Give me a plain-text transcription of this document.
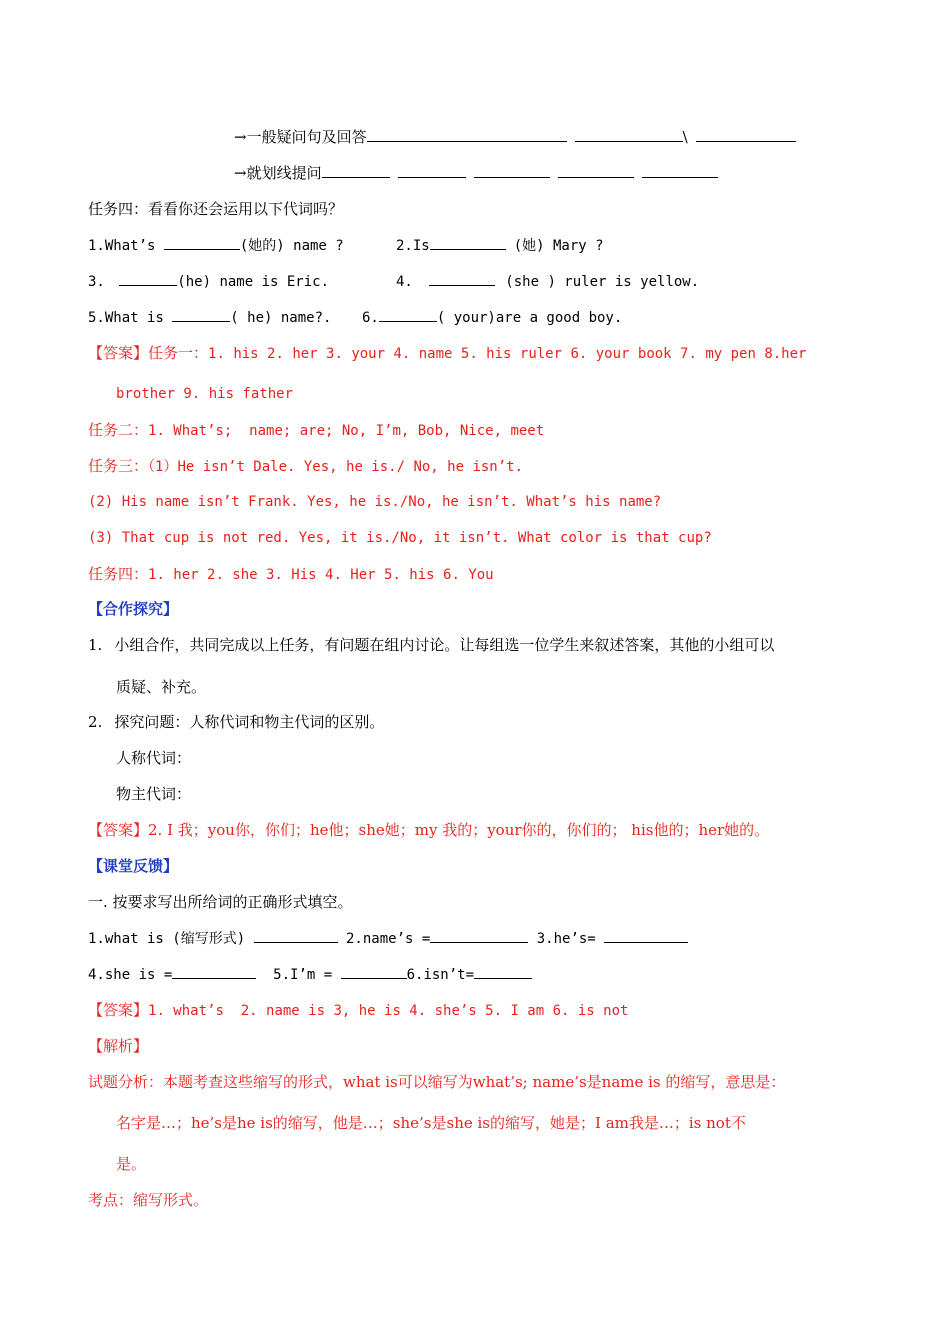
→一般疑问句及回答	\
→就划线提问
任务四：看看你还会运用以下代词吗？
1.What’s	(她的) name ?	2.Is	(她) Mary ?
3.	(he) name is Eric.	4.	(she ) ruler is yellow.
5.What is	( he) name?. 6.	( your)are a good boy.
【答案】任务一：1. his 2. her 3. your 4. name 5. his ruler 6. your book 7. my pen 8.her
brother 9. his father
任务二：1. What’s;  name; are; No, I’m, Bob, Nice, meet
任务三：（1）He isn’t Dale. Yes, he is./ No, he isn’t.
(2) His name isn’t Frank. Yes, he is./No, he isn’t. What’s his name?
(3) That cup is not red. Yes, it is./No, it isn’t. What color is that cup?
任务四：1. her 2. she 3. His 4. Her 5. his 6. You
【合作探究】
1. 小组合作，共同完成以上任务，有问题在组内讨论。让每组选一位学生来叙述答案，其他的小组可以
质疑、补充。
2. 探究问题：人称代词和物主代词的区别。
人称代词：
物主代词：
【答案】2. I 我；you你，你们；he他；she她；my 我的；your你的，你们的； his他的；her她的。
【课堂反馈】
一. 按要求写出所给词的正确形式填空。
1.what is (缩写形式)	2.name’s =	3.he’s=
4.she is =	5.I’m =	6.isn’t=
【答案】1. what’s  2. name is 3, he is 4. she’s 5. I am 6. is not
【解析】
试题分析：本题考查这些缩写的形式，what is可以缩写为what’s; name’s是name is 的缩写，意思是：
名字是…；he’s是he is的缩写，他是…；she’s是she is的缩写，她是；I am我是…；is not不
是。
考点：缩写形式。
